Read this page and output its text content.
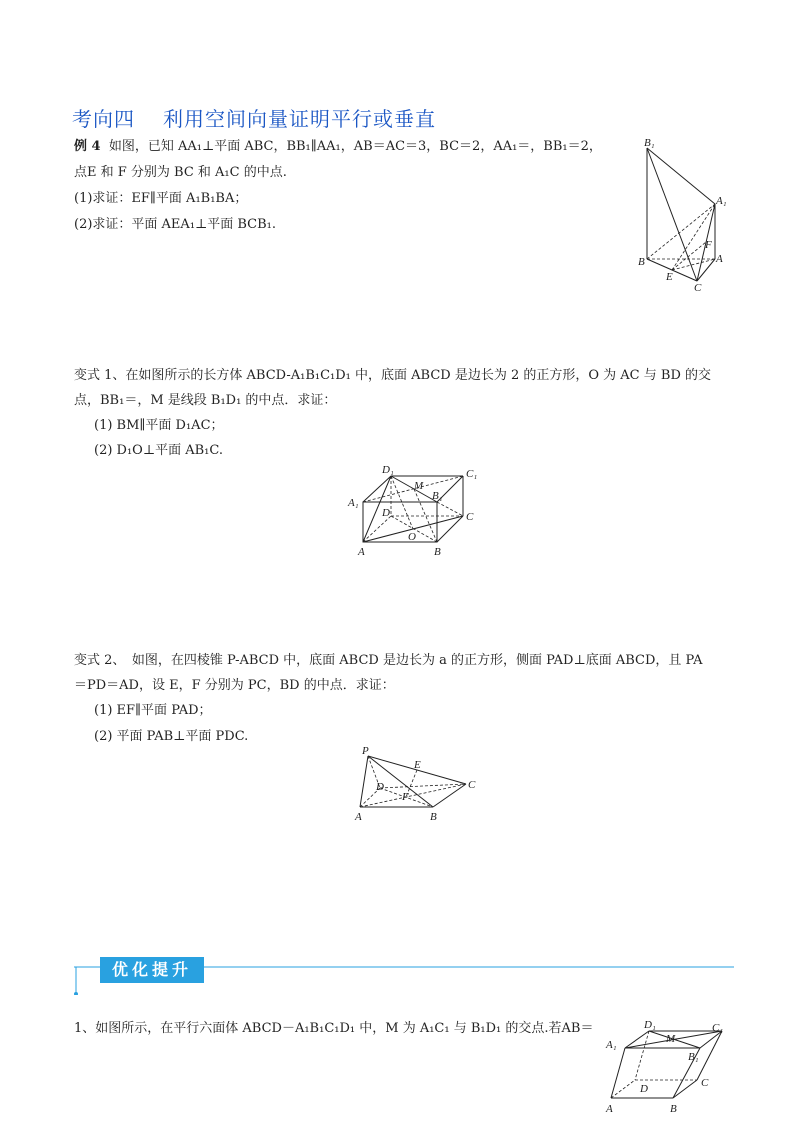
考向四 利用空间向量证明平行或垂直
例 4 如图，已知 AA₁⊥平面 ABC，BB₁∥AA₁，AB＝AC＝3，BC＝2，AA₁＝，BB₁＝2，
点E 和 F 分别为 BC 和 A₁C 的中点.
(1)求证：EF∥平面 A₁B₁BA；
(2)求证：平面 AEA₁⊥平面 BCB₁.
B₁
A₁
F
B	A
E
C
变式 1、在如图所示的长方体 ABCD-A₁B₁C₁D₁ 中，底面 ABCD 是边长为 2 的正方形，O 为 AC 与 BD 的交
点，BB₁＝，M 是线段 B₁D₁ 的中点．求证：
(1) BM∥平面 D₁AC；
(2) D₁O⊥平面 AB₁C.
D₁	C₁
M
B₁
A₁
D	C
O
A	B
变式 2、　如图，在四棱锥 P-ABCD 中，底面 ABCD 是边长为 a 的正方形，侧面 PAD⊥底面 ABCD，且 PA
＝PD＝AD，设 E，F 分别为 PC，BD 的中点．求证：
(1) EF∥平面 PAD；
(2) 平面 PAB⊥平面 PDC.
P
E
D
F
C
A	B
优化提升
1、如图所示，在平行六面体 ABCD－A₁B₁C₁D₁ 中，M 为 A₁C₁ 与 B₁D₁ 的交点.若AB＝	D₁
M
C₁
A₁
B₁
C
D
A	B
